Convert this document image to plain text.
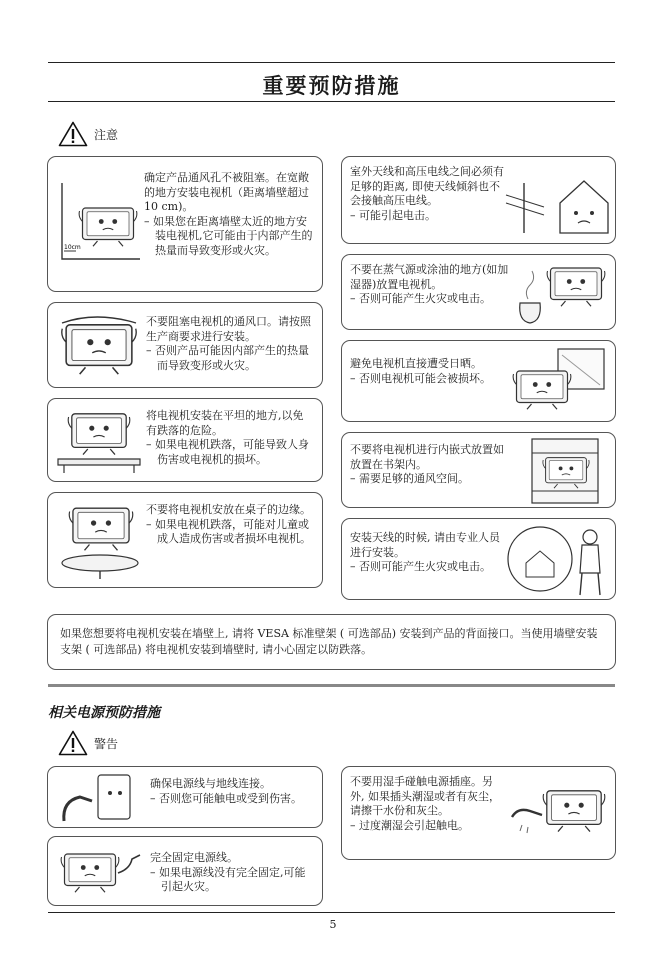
重要预防措施
注意
10cm

确定产品通风孔不被阻塞。在宽敞的地方安装电视机（距离墙壁超过 10 cm)。

– 如果您在距离墙壁太近的地方安装电视机,它可能由于内部产生的热量而导致变形或火灾。

不要阻塞电视机的通风口。请按照生产商要求进行安装。

– 否则产品可能因内部产生的热量而导致变形或火灾。

将电视机安装在平坦的地方,以免有跌落的危险。

– 如果电视机跌落，可能导致人身伤害或电视机的损坏。

不要将电视机安放在桌子的边缘。

– 如果电视机跌落，可能对儿童或成人造成伤害或者损坏电视机。

室外天线和高压电线之间必须有足够的距离, 即使天线倾斜也不会接触高压电线。

– 可能引起电击。

不要在蒸气源或涂油的地方(如加湿器)放置电视机。

– 否则可能产生火灾或电击。

避免电视机直接遭受日晒。

– 否则电视机可能会被损坏。

不要将电视机进行内嵌式放置如放置在书架内。

– 需要足够的通风空间。

安装天线的时候, 请由专业人员进行安装。

– 否则可能产生火灾或电击。

如果您想要将电视机安装在墙壁上, 请将 VESA 标准壁架 ( 可选部品) 安装到产品的背面接口。当使用墙壁安装支架 ( 可选部品) 将电视机安装到墙壁时, 请小心固定以防跌落。
相关电源预防措施
警告

确保电源线与地线连接。

– 否则您可能触电或受到伤害。

完全固定电源线。

– 如果电源线没有完全固定,可能引起火灾。

不要用湿手碰触电源插座。另外, 如果插头潮湿或者有灰尘，请擦干水份和灰尘。

– 过度潮湿会引起触电。

5
